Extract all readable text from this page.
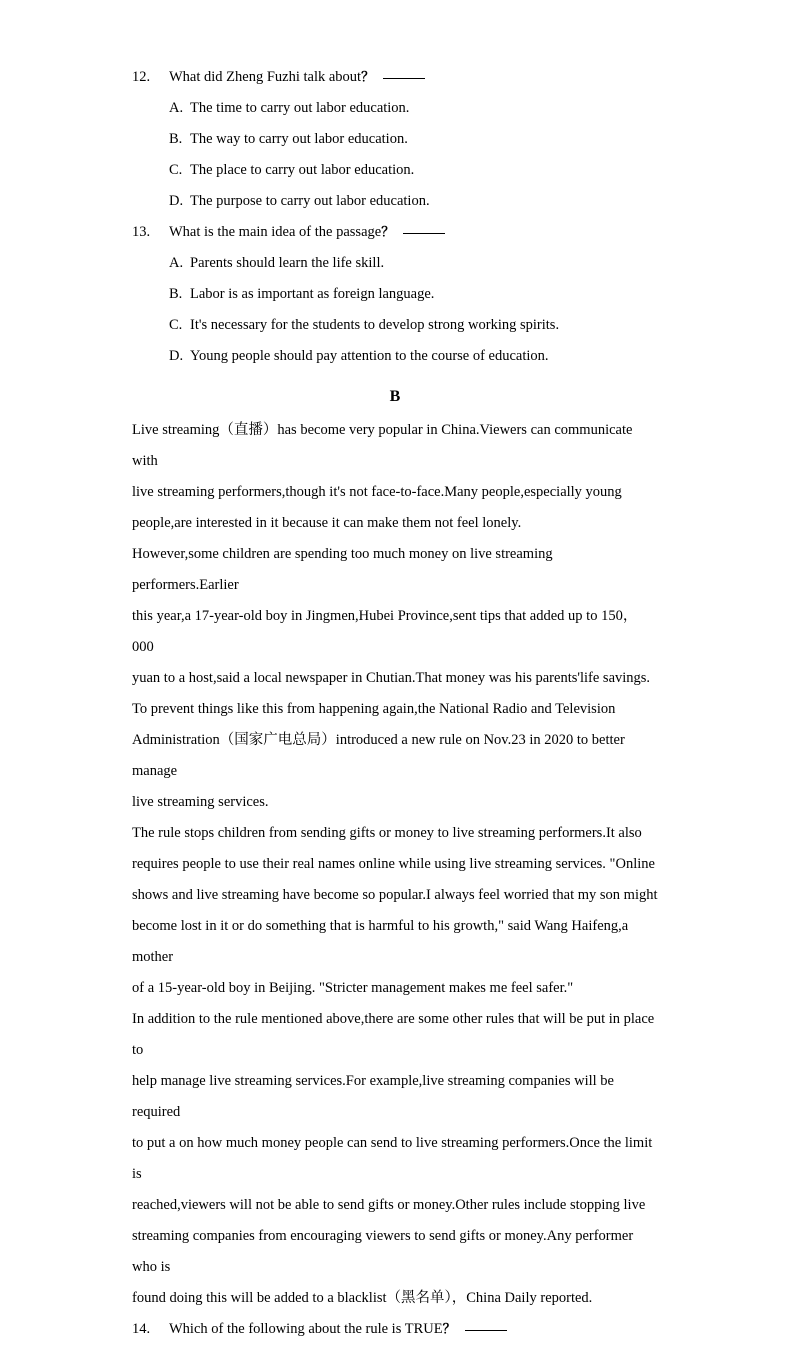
12.	What did Zheng Fuzhi talk about？
A. The time to carry out labor education.
B. The way to carry out labor education.
C. The place to carry out labor education.
D. The purpose to carry out labor education.
13.	What is the main idea of the passage？
A. Parents should learn the life skill.
B. Labor is as important as foreign language.
C. It's necessary for the students to develop strong working spirits.
D. Young people should pay attention to the course of education.
B

Live streaming（直播）has become very popular in China.Viewers can communicate with

live streaming performers,though it's not face-to-face.Many people,especially young

people,are interested in it because it can make them not feel lonely.

However,some children are spending too much money on live streaming performers.Earlier

this year,a 17-year-old boy in Jingmen,Hubei Province,sent tips that added up to 150，000

yuan to a host,said a local newspaper in Chutian.That money was his parents'life savings.

To prevent things like this from happening again,the National Radio and Television

Administration（国家广电总局）introduced a new rule on Nov.23 in 2020 to better manage

live streaming services.

The rule stops children from sending gifts or money to live streaming performers.It also

requires people to use their real names online while using live streaming services. "Online

shows and live streaming have become so popular.I always feel worried that my son might

become lost in it or do something that is harmful to his growth," said Wang Haifeng,a mother

of a 15-year-old boy in Beijing. "Stricter management makes me feel safer."

In addition to the rule mentioned above,there are some other rules that will be put in place to

help manage live streaming services.For example,live streaming companies will be required

to put a on how much money people can send to live streaming performers.Once the limit is

reached,viewers will not be able to send gifts or money.Other rules include stopping live

streaming companies from encouraging viewers to send gifts or money.Any performer who is

found doing this will be added to a blacklist（黑名单），China Daily reported.

14.	Which of the following about the rule is TRUE？
